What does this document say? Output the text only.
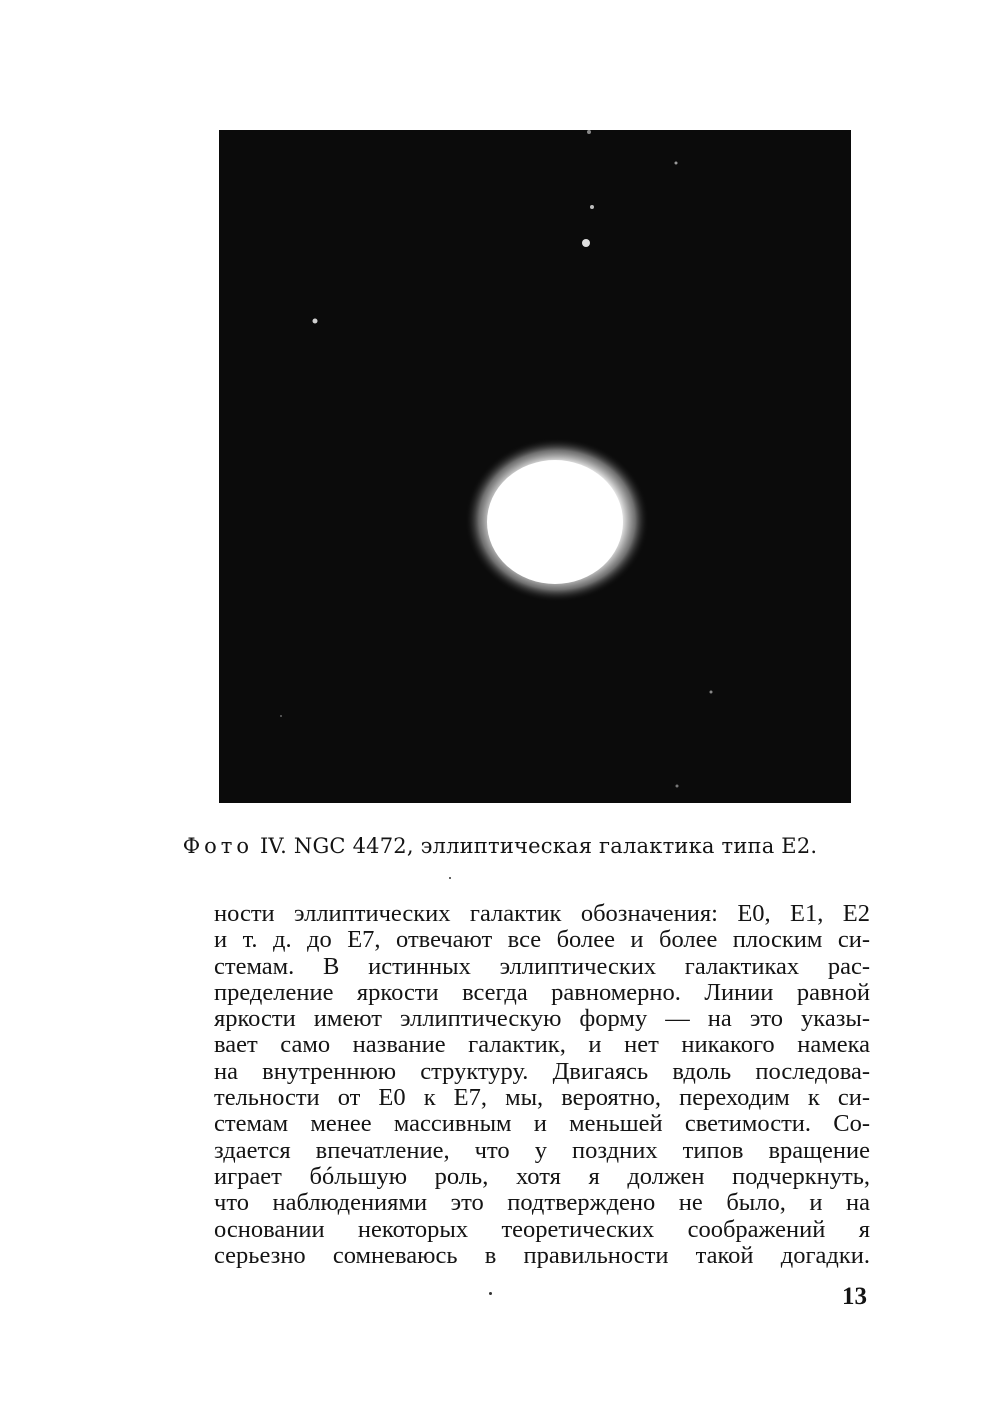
Фото IV. NGC 4472, эллиптическая галактика типа E2.
ности эллиптических галактик обозначения: E0, E1, E2
и т. д. до E7, отвечают все более и более плоским си-
стемам. В истинных эллиптических галактиках рас-
пределение яркости всегда равномерно. Линии равной
яркости имеют эллиптическую форму — на это указы-
вает само название галактик, и нет никакого намека
на внутреннюю структуру. Двигаясь вдоль последова-
тельности от E0 к E7, мы, вероятно, переходим к си-
стемам менее массивным и меньшей светимости. Со-
здается впечатление, что у поздних типов вращение
играет бóльшую роль, хотя я должен подчеркнуть,
что наблюдениями это подтверждено не было, и на
основании некоторых теоретических соображений я
серьезно сомневаюсь в правильности такой догадки.
13
